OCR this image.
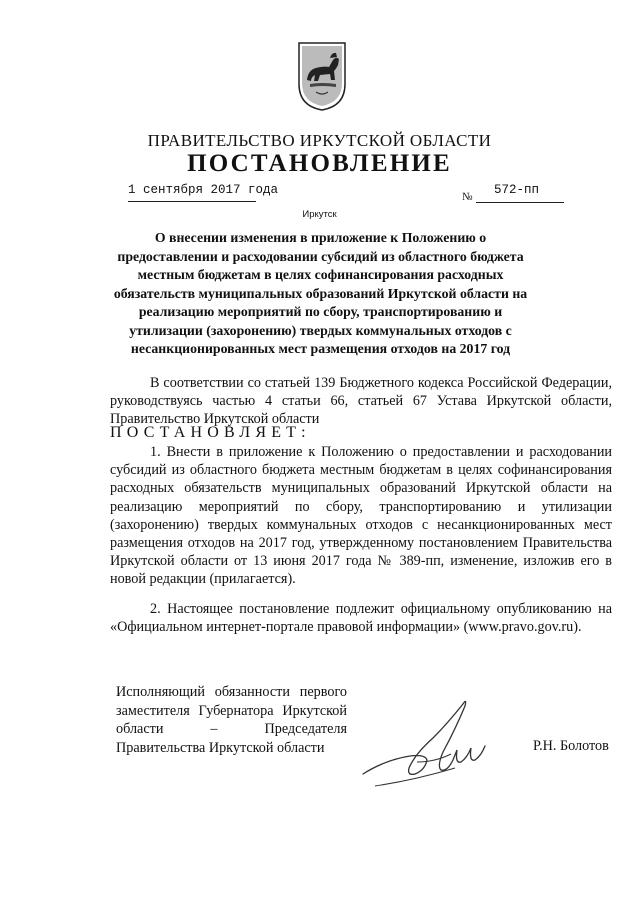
ПРАВИТЕЛЬСТВО ИРКУТСКОЙ ОБЛАСТИ
ПОСТАНОВЛЕНИЕ
1 сентября 2017 года	№ 572-пп
Иркутск
О внесении изменения в приложение к Положению о предоставлении и расходовании субсидий из областного бюджета местным бюджетам в целях софинансирования расходных обязательств муниципальных образований Иркутской области на реализацию мероприятий по сбору, транспортированию и утилизации (захоронению) твердых коммунальных отходов с несанкционированных мест размещения отходов на 2017 год
В соответствии со статьей 139 Бюджетного кодекса Российской Федерации, руководствуясь частью 4 статьи 66, статьей 67 Устава Иркутской области, Правительство Иркутской области
ПОСТАНОВЛЯЕТ:
1. Внести в приложение к Положению о предоставлении и расходовании субсидий из областного бюджета местным бюджетам в целях софинансирования расходных обязательств муниципальных образований Иркутской области на реализацию мероприятий по сбору, транспортированию и утилизации (захоронению) твердых коммунальных отходов с несанкционированных мест размещения отходов на 2017 год, утвержденному постановлением Правительства Иркутской области от 13 июня 2017 года № 389-пп, изменение, изложив его в новой редакции (прилагается).
2. Настоящее постановление подлежит официальному опубликованию на «Официальном интернет-портале правовой информации» (www.pravo.gov.ru).
Исполняющий обязанности первого заместителя Губернатора Иркутской области – Председателя Правительства Иркутской области	Р.Н. Болотов
